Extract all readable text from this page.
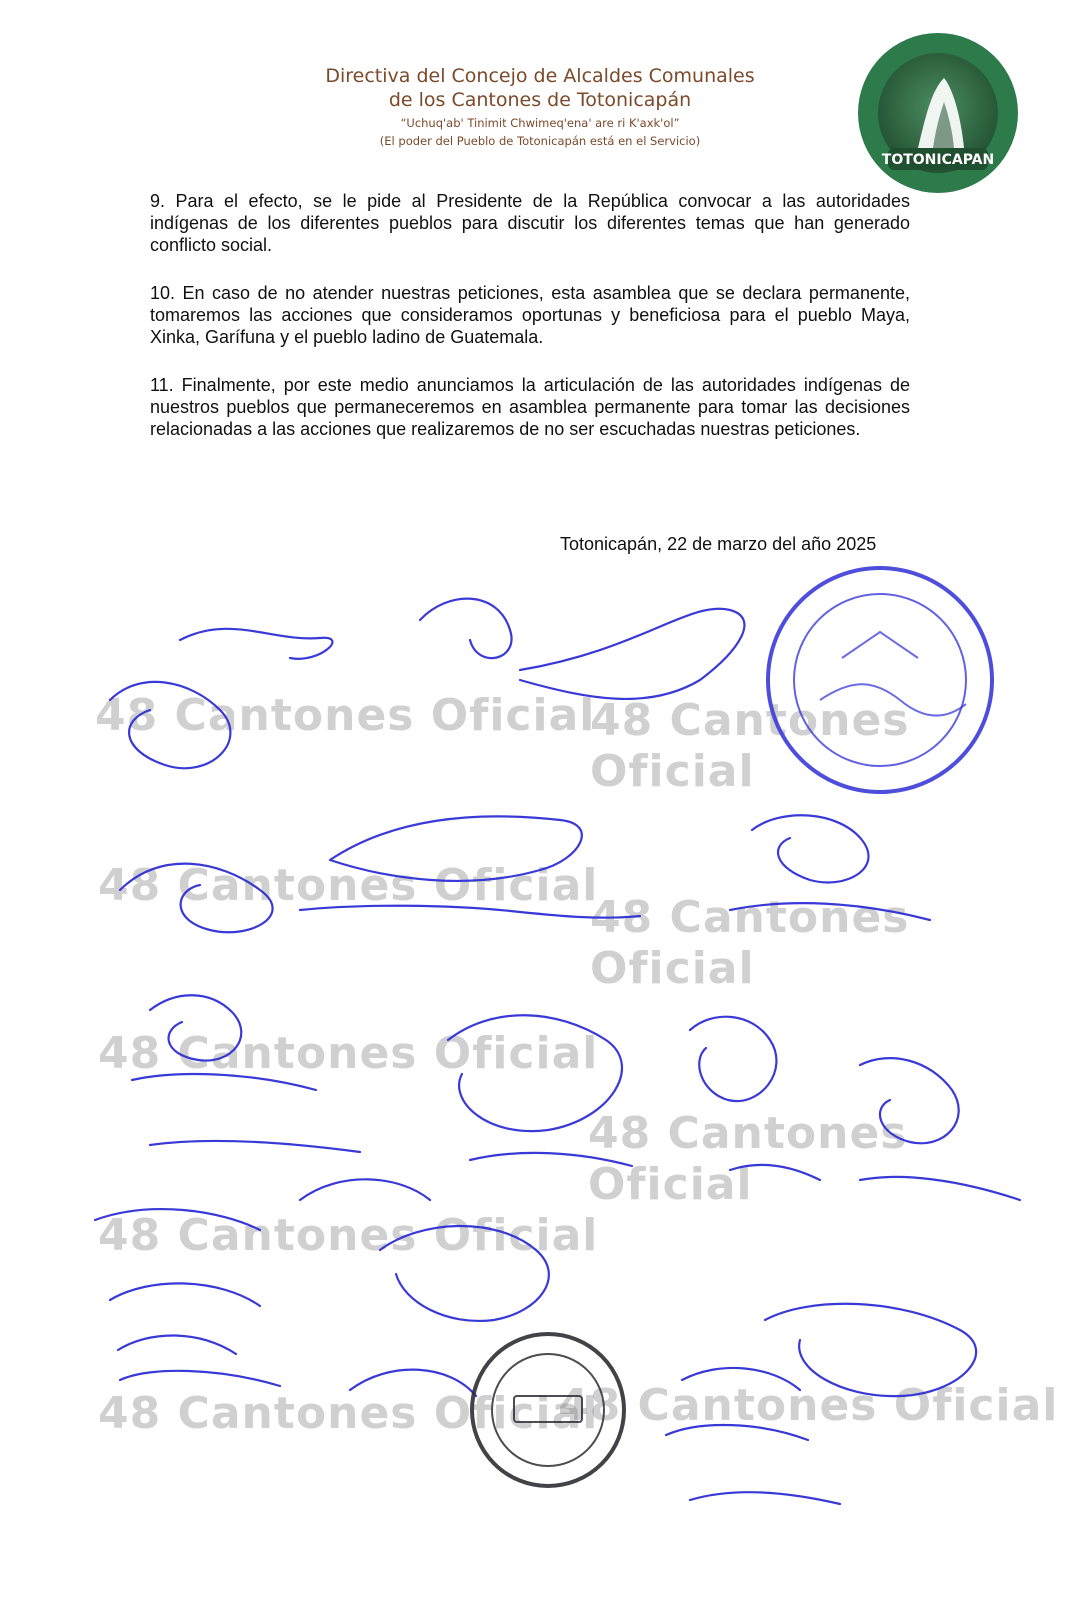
Directiva del Concejo de Alcaldes Comunales
de los Cantones de Totonicapán
“Uchuq'ab' Tinimit Chwimeq'ena' are ri K'axk'ol”
(El poder del Pueblo de Totonicapán está en el Servicio)
TOTONICAPAN

9. Para el efecto, se le pide al Presidente de la República convocar a las autoridades indígenas de los diferentes pueblos para discutir los diferentes temas que han generado conflicto social.

10. En caso de no atender nuestras peticiones, esta asamblea que se declara permanente, tomaremos las acciones que consideramos oportunas y beneficiosa para el pueblo Maya, Xinka, Garífuna y el pueblo ladino de Guatemala.

11. Finalmente, por este medio anunciamos la articulación de las autoridades indígenas de nuestros pueblos que permaneceremos en asamblea permanente para tomar las decisiones relacionadas a las acciones que realizaremos de no ser escuchadas nuestras peticiones.

Totonicapán, 22 de marzo del año 2025
48 Cantones Oficial
48 Cantones Oficial
48 Cantones Oficial
48 Cantones Oficial
48 Cantones Oficial
48 Cantones Oficial
48 Cantones Oficial
48 Cantones Oficial
48 Cantones Oficial
